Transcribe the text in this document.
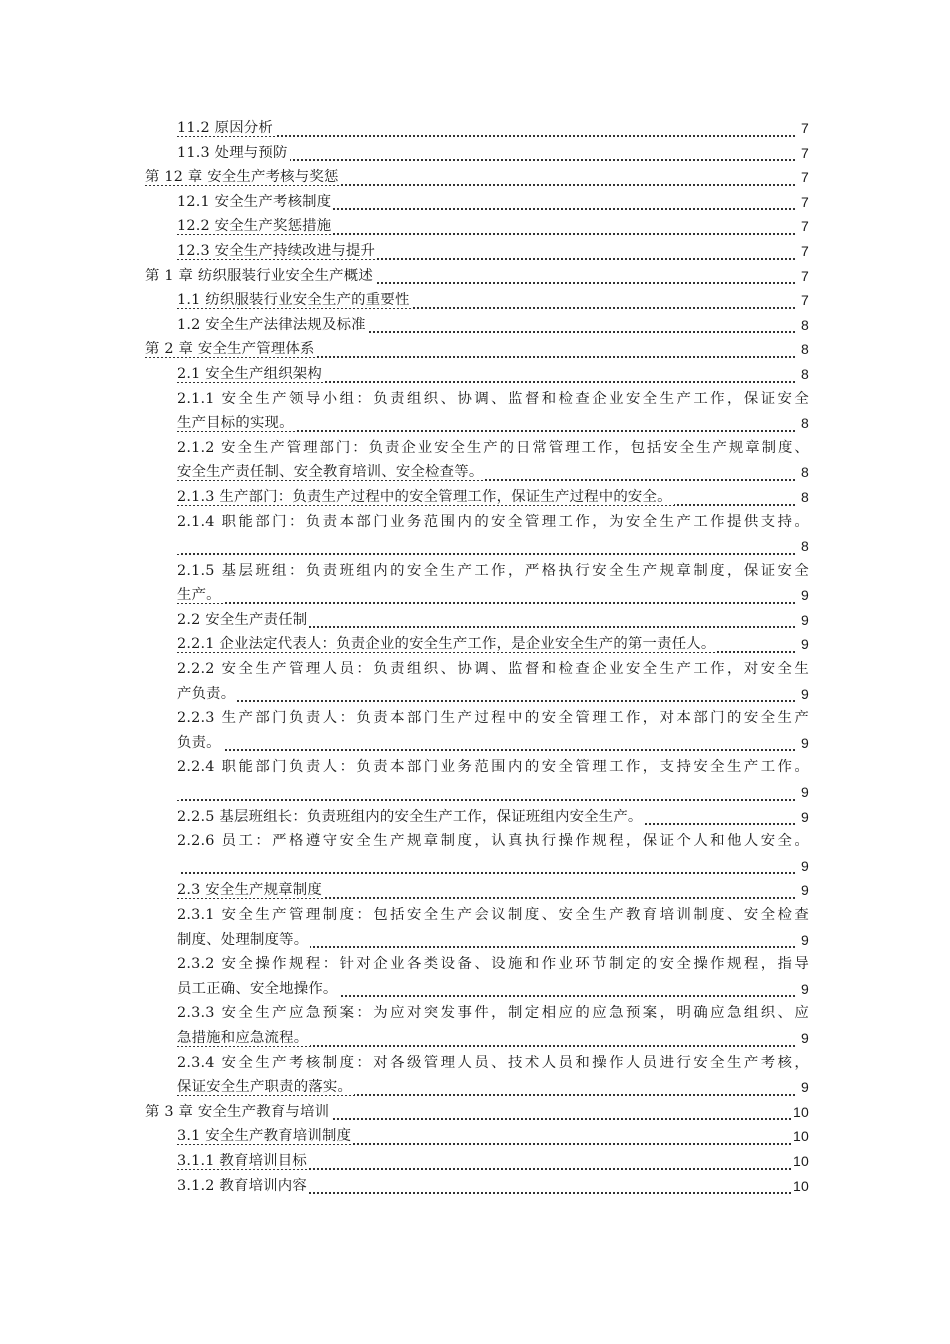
11.2 原因分析	7
11.3 处理与预防	7
第 12 章 安全生产考核与奖惩	7
12.1 安全生产考核制度	7
12.2 安全生产奖惩措施	7
12.3 安全生产持续改进与提升	7
第 1 章 纺织服装行业安全生产概述	7
1.1 纺织服装行业安全生产的重要性	7
1.2 安全生产法律法规及标准	8
第 2 章 安全生产管理体系	8
2.1 安全生产组织架构	8
2.1.1 安全生产领导小组：负责组织、协调、监督和检查企业安全生产工作，保证安全
生产目标的实现。	8
2.1.2 安全生产管理部门：负责企业安全生产的日常管理工作，包括安全生产规章制度、
安全生产责任制、安全教育培训、安全检查等。	8
2.1.3 生产部门：负责生产过程中的安全管理工作，保证生产过程中的安全。	8
2.1.4 职能部门：负责本部门业务范围内的安全管理工作，为安全生产工作提供支持。
8
2.1.5 基层班组：负责班组内的安全生产工作，严格执行安全生产规章制度，保证安全
生产。	9
2.2 安全生产责任制	9
2.2.1 企业法定代表人：负责企业的安全生产工作，是企业安全生产的第一责任人。	9
2.2.2 安全生产管理人员：负责组织、协调、监督和检查企业安全生产工作，对安全生
产负责。	9
2.2.3 生产部门负责人：负责本部门生产过程中的安全管理工作，对本部门的安全生产
负责。	9
2.2.4 职能部门负责人：负责本部门业务范围内的安全管理工作，支持安全生产工作。
9
2.2.5 基层班组长：负责班组内的安全生产工作，保证班组内安全生产。	9
2.2.6 员工：严格遵守安全生产规章制度，认真执行操作规程，保证个人和他人安全。
9
2.3 安全生产规章制度	9
2.3.1 安全生产管理制度：包括安全生产会议制度、安全生产教育培训制度、安全检查
制度、处理制度等。	9
2.3.2 安全操作规程：针对企业各类设备、设施和作业环节制定的安全操作规程，指导
员工正确、安全地操作。	9
2.3.3 安全生产应急预案：为应对突发事件，制定相应的应急预案，明确应急组织、应
急措施和应急流程。	9
2.3.4 安全生产考核制度：对各级管理人员、技术人员和操作人员进行安全生产考核，
保证安全生产职责的落实。	9
第 3 章 安全生产教育与培训	10
3.1 安全生产教育培训制度	10
3.1.1 教育培训目标	10
3.1.2 教育培训内容	10
